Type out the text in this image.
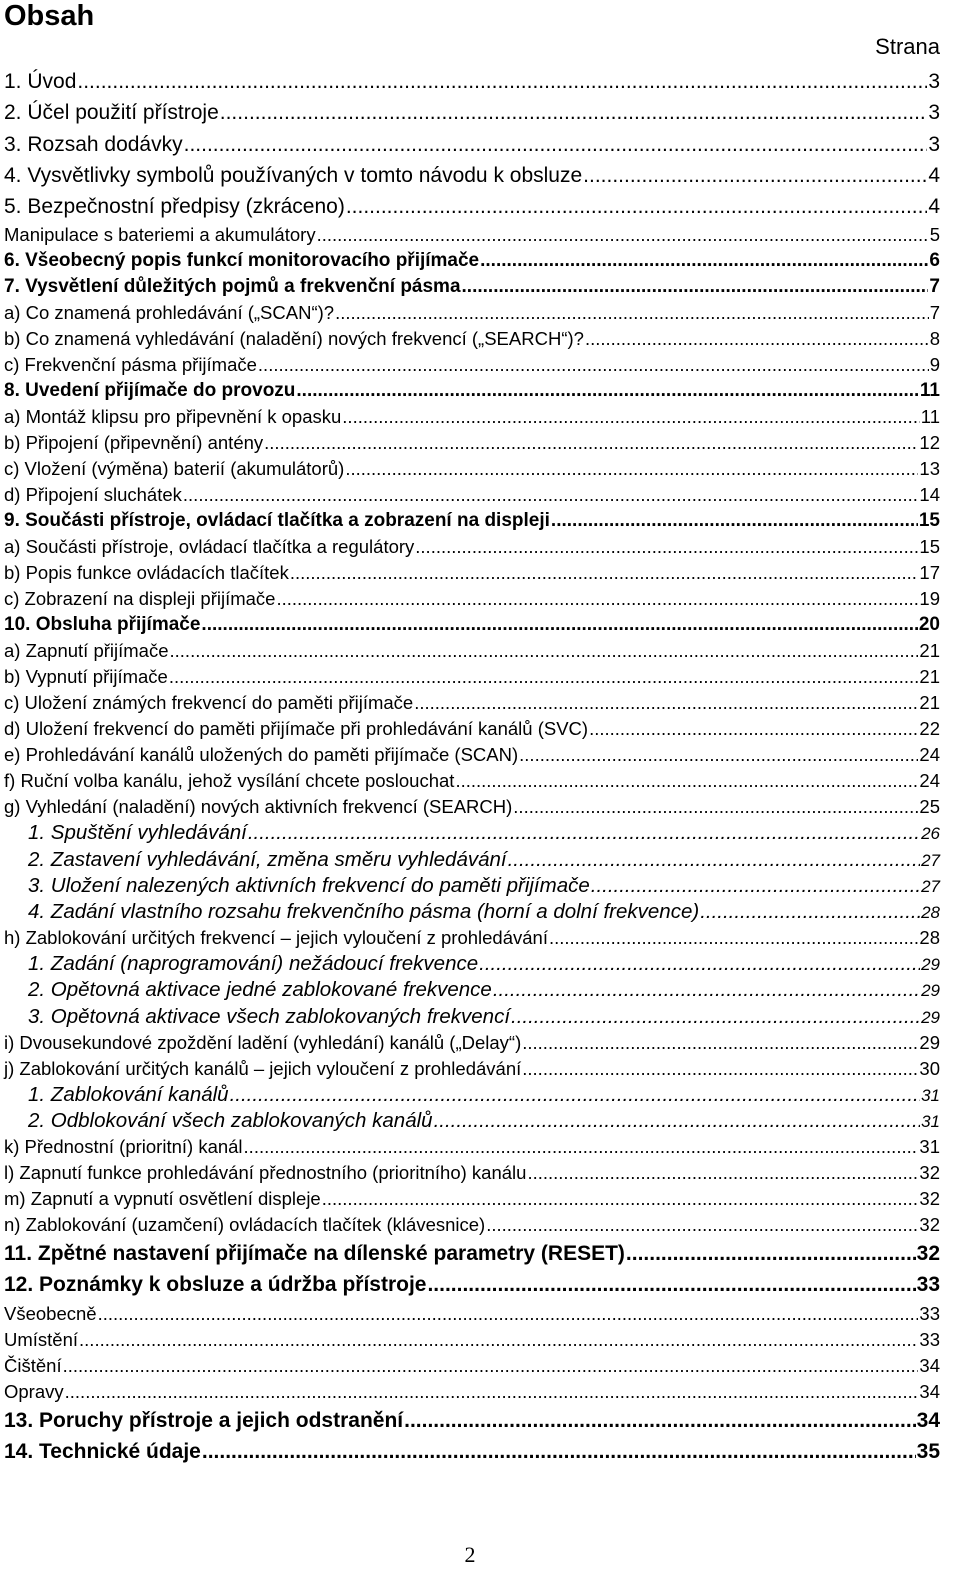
Obsah
Strana
1. Úvod .....	3
2. Účel použití přístroje .....	3
3. Rozsah dodávky .....	3
4. Vysvětlivky symbolů používaných v tomto návodu k obsluze .....	4
5. Bezpečnostní předpisy (zkráceno) .....	4
Manipulace s bateriemi a akumulátory .....	5
6. Všeobecný popis funkcí monitorovacího přijímače .....	6
7. Vysvětlení důležitých pojmů a frekvenční pásma .....	7
a) Co znamená prohledávání („SCAN“)? .....	7
b) Co znamená vyhledávání (naladění) nových frekvencí („SEARCH“)? .....	8
c) Frekvenční pásma přijímače .....	9
8. Uvedení přijímače do provozu .....	11
a) Montáž klipsu pro připevnění k opasku .....	11
b) Připojení (připevnění) antény .....	12
c) Vložení (výměna) baterií (akumulátorů) .....	13
d) Připojení sluchátek .....	14
9. Součásti přístroje, ovládací tlačítka a zobrazení na displeji .....	15
a) Součásti přístroje, ovládací tlačítka a regulátory .....	15
b) Popis funkce ovládacích tlačítek .....	17
c) Zobrazení na displeji přijímače .....	19
10. Obsluha přijímače .....	20
a) Zapnutí přijímače .....	21
b) Vypnutí přijímače .....	21
c) Uložení známých frekvencí do paměti přijímače .....	21
d) Uložení frekvencí do paměti přijímače při prohledávání kanálů (SVC) .....	22
e) Prohledávání kanálů uložených do paměti přijímače (SCAN) .....	24
f) Ruční volba kanálu, jehož vysílání chcete poslouchat .....	24
g) Vyhledání (naladění) nových aktivních frekvencí (SEARCH) .....	25
1. Spuštění vyhledávání .....	26
2. Zastavení vyhledávání, změna směru vyhledávání .....	27
3. Uložení nalezených aktivních frekvencí do paměti přijímače .....	27
4. Zadání vlastního rozsahu frekvenčního pásma (horní a dolní frekvence) .....	28
h) Zablokování určitých frekvencí – jejich vyloučení z prohledávání .....	28
1. Zadání (naprogramování) nežádoucí frekvence .....	29
2. Opětovná aktivace jedné zablokované frekvence .....	29
3. Opětovná aktivace všech zablokovaných frekvencí .....	29
i) Dvousekundové zpoždění ladění (vyhledání) kanálů („Delay“) .....	29
j) Zablokování určitých kanálů – jejich vyloučení z prohledávání .....	30
1. Zablokování kanálů .....	31
2. Odblokování všech zablokovaných kanálů .....	31
k) Přednostní (prioritní) kanál .....	31
l) Zapnutí funkce prohledávání přednostního (prioritního) kanálu .....	32
m) Zapnutí a vypnutí osvětlení displeje .....	32
n) Zablokování (uzamčení) ovládacích tlačítek (klávesnice) .....	32
11. Zpětné nastavení přijímače na dílenské parametry (RESET) .....	32
12. Poznámky k obsluze a údržba přístroje .....	33
Všeobecně .....	33
Umístění .....	33
Čištění .....	34
Opravy .....	34
13. Poruchy přístroje a jejich odstranění .....	34
14. Technické údaje .....	35
2
